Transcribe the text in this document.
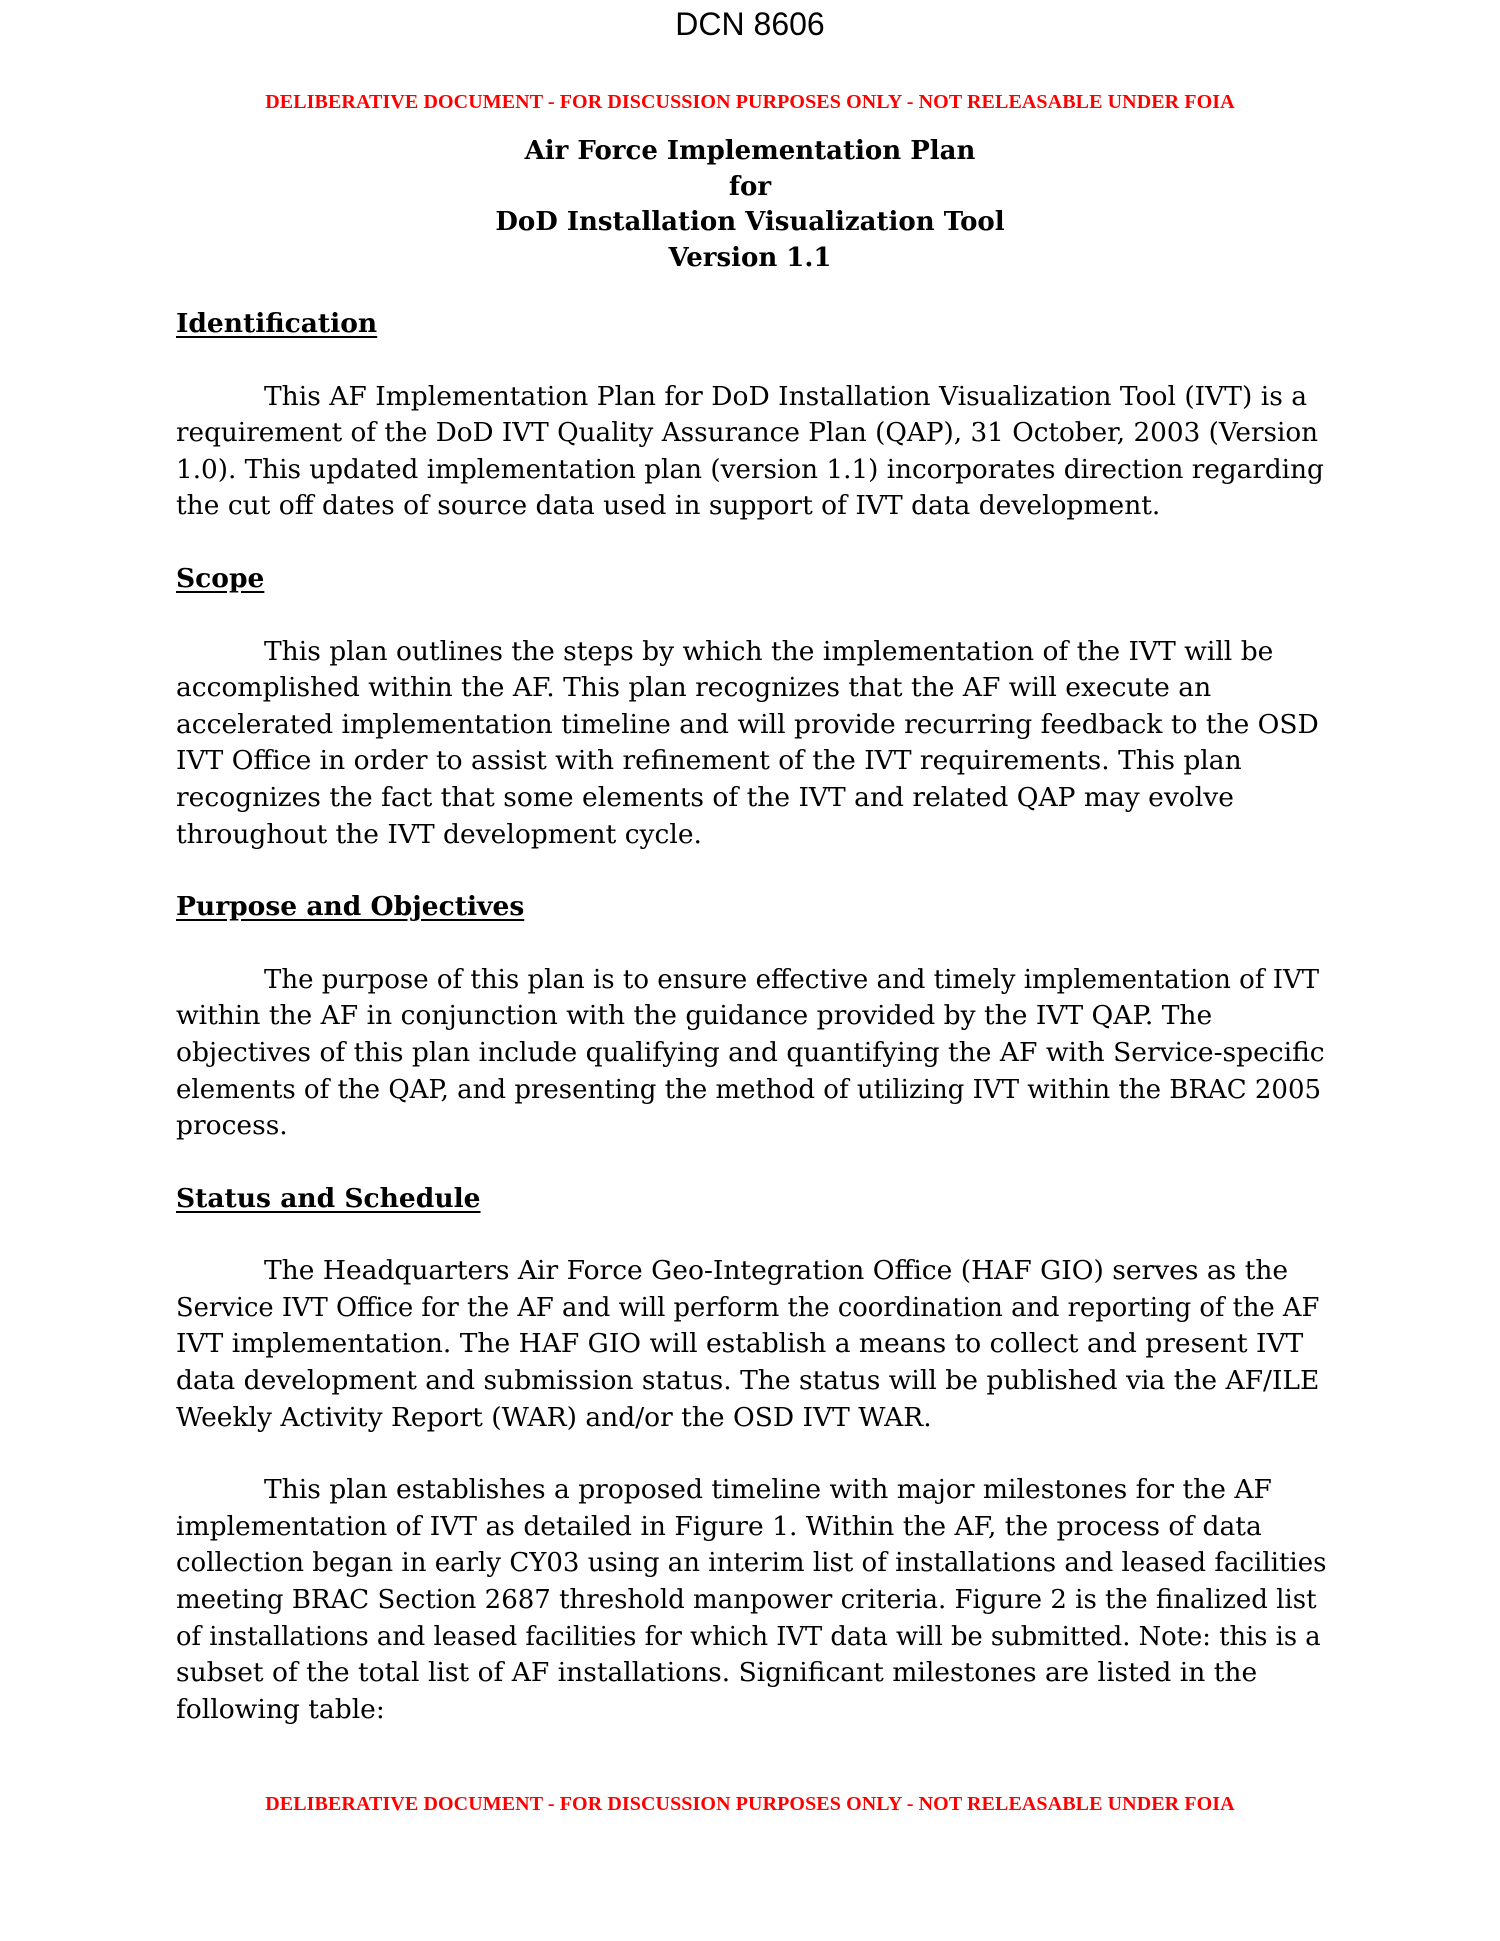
DCN 8606
DELIBERATIVE DOCUMENT - FOR DISCUSSION PURPOSES ONLY - NOT RELEASABLE UNDER FOIA
Air Force Implementation Plan
for
DoD Installation Visualization Tool
Version 1.1
Identification

This AF Implementation Plan for DoD Installation Visualization Tool (IVT) is a
requirement of the DoD IVT Quality Assurance Plan (QAP), 31 October, 2003 (Version
1.0). This updated implementation plan (version 1.1) incorporates direction regarding
the cut off dates of source data used in support of IVT data development.

Scope

This plan outlines the steps by which the implementation of the IVT will be
accomplished within the AF. This plan recognizes that the AF will execute an
accelerated implementation timeline and will provide recurring feedback to the OSD
IVT Office in order to assist with refinement of the IVT requirements. This plan
recognizes the fact that some elements of the IVT and related QAP may evolve
throughout the IVT development cycle.

Purpose and Objectives

The purpose of this plan is to ensure effective and timely implementation of IVT
within the AF in conjunction with the guidance provided by the IVT QAP. The
objectives of this plan include qualifying and quantifying the AF with Service-specific
elements of the QAP, and presenting the method of utilizing IVT within the BRAC 2005
process.

Status and Schedule

The Headquarters Air Force Geo-Integration Office (HAF GIO) serves as the
Service IVT Office for the AF and will perform the coordination and reporting of the AF
IVT implementation. The HAF GIO will establish a means to collect and present IVT
data development and submission status. The status will be published via the AF/ILE
Weekly Activity Report (WAR) and/or the OSD IVT WAR.

This plan establishes a proposed timeline with major milestones for the AF
implementation of IVT as detailed in Figure 1. Within the AF, the process of data
collection began in early CY03 using an interim list of installations and leased facilities
meeting BRAC Section 2687 threshold manpower criteria. Figure 2 is the finalized list
of installations and leased facilities for which IVT data will be submitted. Note: this is a
subset of the total list of AF installations. Significant milestones are listed in the
following table:

DELIBERATIVE DOCUMENT - FOR DISCUSSION PURPOSES ONLY - NOT RELEASABLE UNDER FOIA
